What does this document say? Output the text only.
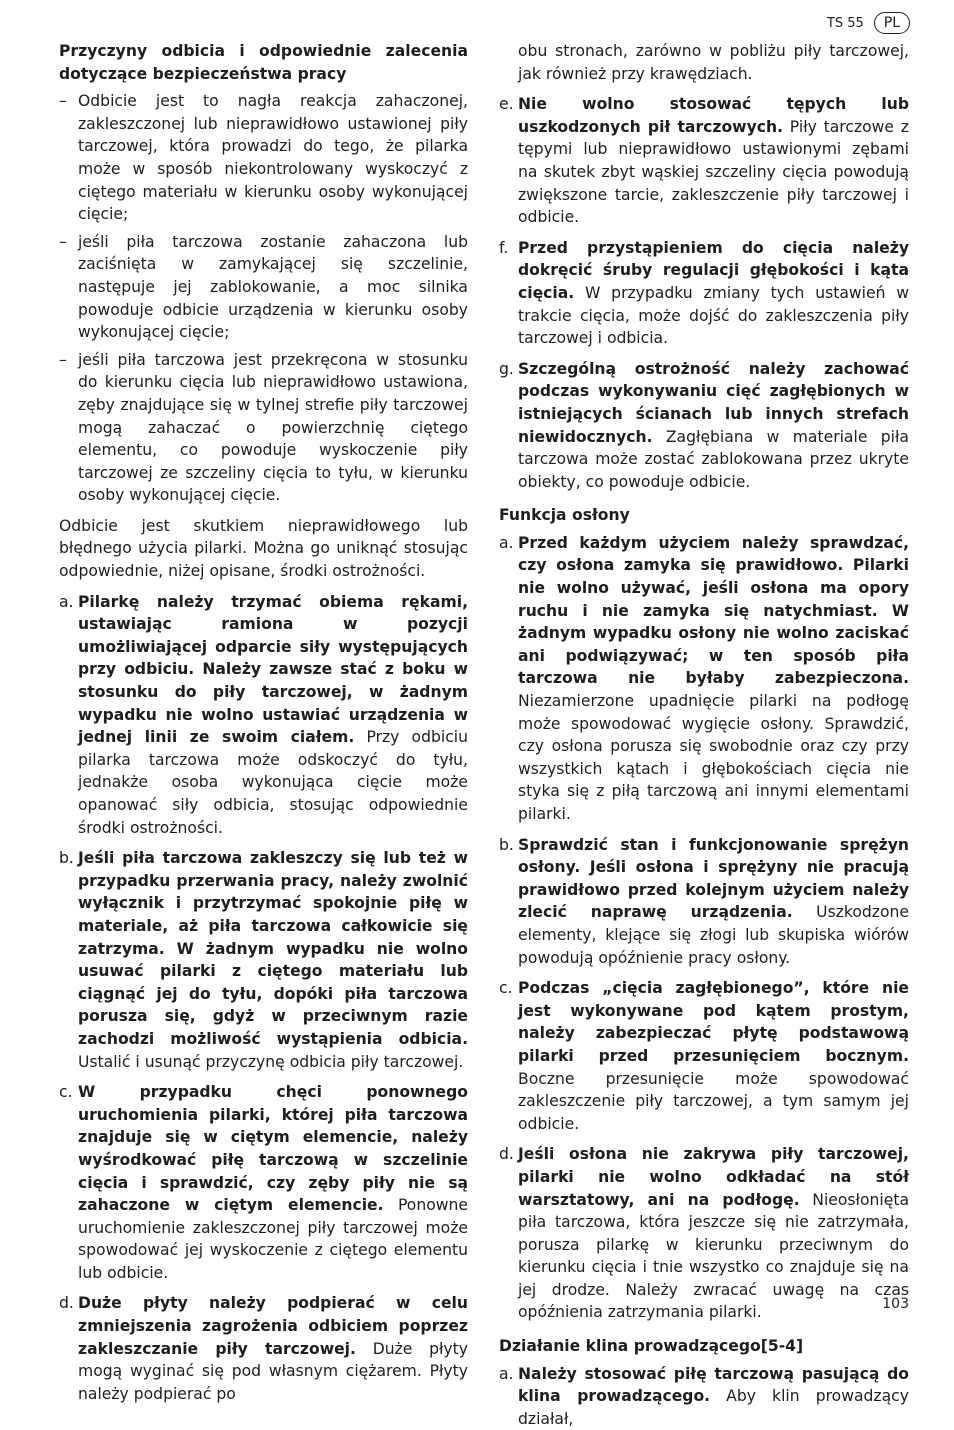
TS 55	PL

Przyczyny odbicia i odpowiednie zalecenia dotyczące bezpieczeństwa pracy

– Odbicie jest to nagła reakcja zahaczonej, zakleszczonej lub nieprawidłowo ustawionej piły tarczowej, która prowadzi do tego, że pilarka może w sposób niekontrolowany wyskoczyć z ciętego materiału w kierunku osoby wykonującej cięcie;

– jeśli piła tarczowa zostanie zahaczona lub zaciśnięta w zamykającej się szczelinie, następuje jej zablokowanie, a moc silnika powoduje odbicie urządzenia w kierunku osoby wykonującej cięcie;

– jeśli piła tarczowa jest przekręcona w stosunku do kierunku cięcia lub nieprawidłowo ustawiona, zęby znajdujące się w tylnej strefie piły tarczowej mogą zahaczać o powierzchnię ciętego elementu, co powoduje wyskoczenie piły tarczowej ze szczeliny cięcia to tyłu, w kierunku osoby wykonującej cięcie.

Odbicie jest skutkiem nieprawidłowego lub błędnego użycia pilarki. Można go uniknąć stosując odpowiednie, niżej opisane, środki ostrożności.

a. Pilarkę należy trzymać obiema rękami, ustawiając ramiona w pozycji umożliwiającej odparcie siły występujących przy odbiciu. Należy zawsze stać z boku w stosunku do piły tarczowej, w żadnym wypadku nie wolno ustawiać urządzenia w jednej linii ze swoim ciałem. Przy odbiciu pilarka tarczowa może odskoczyć do tyłu, jednakże osoba wykonująca cięcie może opanować siły odbicia, stosując odpowiednie środki ostrożności.

b. Jeśli piła tarczowa zakleszczy się lub też w przypadku przerwania pracy, należy zwolnić wyłącznik i przytrzymać spokojnie piłę w materiale, aż piła tarczowa całkowicie się zatrzyma. W żadnym wypadku nie wolno usuwać pilarki z ciętego materiału lub ciągnąć jej do tyłu, dopóki piła tarczowa porusza się, gdyż w przeciwnym razie zachodzi możliwość wystąpienia odbicia. Ustalić i usunąć przyczynę odbicia piły tarczowej.

c. W przypadku chęci ponownego uruchomienia pilarki, której piła tarczowa znajduje się w ciętym elemencie, należy wyśrodkować piłę tarczową w szczelinie cięcia i sprawdzić, czy zęby piły nie są zahaczone w ciętym elemencie. Ponowne uruchomienie zakleszczonej piły tarczowej może spowodować jej wyskoczenie z ciętego elementu lub odbicie.

d. Duże płyty należy podpierać w celu zmniejszenia zagrożenia odbiciem poprzez zakleszczanie piły tarczowej. Duże płyty mogą wyginać się pod własnym ciężarem. Płyty należy podpierać po

obu stronach, zarówno w pobliżu piły tarczowej, jak również przy krawędziach.

e. Nie wolno stosować tępych lub uszkodzonych pił tarczowych. Piły tarczowe z tępymi lub nieprawidłowo ustawionymi zębami na skutek zbyt wąskiej szczeliny cięcia powodują zwiększone tarcie, zakleszczenie piły tarczowej i odbicie.

f. Przed przystąpieniem do cięcia należy dokręcić śruby regulacji głębokości i kąta cięcia. W przypadku zmiany tych ustawień w trakcie cięcia, może dojść do zakleszczenia piły tarczowej i odbicia.

g. Szczególną ostrożność należy zachować podczas wykonywaniu cięć zagłębionych w istniejących ścianach lub innych strefach niewidocznych. Zagłębiana w materiale piła tarczowa może zostać zablokowana przez ukryte obiekty, co powoduje odbicie.

Funkcja osłony

a. Przed każdym użyciem należy sprawdzać, czy osłona zamyka się prawidłowo. Pilarki nie wolno używać, jeśli osłona ma opory ruchu i nie zamyka się natychmiast. W żadnym wypadku osłony nie wolno zaciskać ani podwiązywać; w ten sposób piła tarczowa nie byłaby zabezpieczona. Niezamierzone upadnięcie pilarki na podłogę może spowodować wygięcie osłony. Sprawdzić, czy osłona porusza się swobodnie oraz czy przy wszystkich kątach i głębokościach cięcia nie styka się z piłą tarczową ani innymi elementami pilarki.

b. Sprawdzić stan i funkcjonowanie sprężyn osłony. Jeśli osłona i sprężyny nie pracują prawidłowo przed kolejnym użyciem należy zlecić naprawę urządzenia. Uszkodzone elementy, klejące się złogi lub skupiska wiórów powodują opóźnienie pracy osłony.

c. Podczas „cięcia zagłębionego”, które nie jest wykonywane pod kątem prostym, należy zabezpieczać płytę podstawową pilarki przed przesunięciem bocznym. Boczne przesunięcie może spowodować zakleszczenie piły tarczowej, a tym samym jej odbicie.

d. Jeśli osłona nie zakrywa piły tarczowej, pilarki nie wolno odkładać na stół warsztatowy, ani na podłogę. Nieosłonięta piła tarczowa, która jeszcze się nie zatrzymała, porusza pilarkę w kierunku przeciwnym do kierunku cięcia i tnie wszystko co znajduje się na jej drodze. Należy zwracać uwagę na czas opóźnienia zatrzymania pilarki.

Działanie klina prowadzącego[5-4]

a. Należy stosować piłę tarczową pasującą do klina prowadzącego. Aby klin prowadzący działał,

103
